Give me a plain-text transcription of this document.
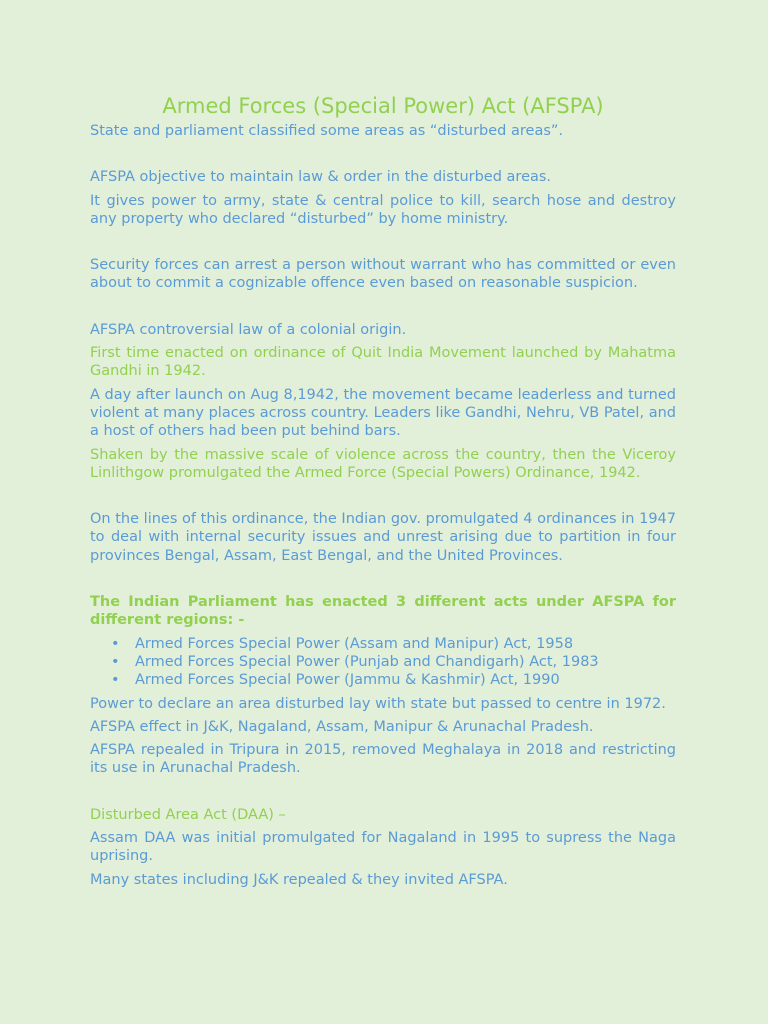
Armed Forces (Special Power) Act (AFSPA)

State and parliament classified some areas as “disturbed areas”.

AFSPA objective to maintain law & order in the disturbed areas.

It gives power to army, state & central police to kill, search hose and destroy any property who declared “disturbed” by home ministry.

Security forces can arrest a person without warrant who has committed or even about to commit a cognizable offence even based on reasonable suspicion.

AFSPA controversial law of a colonial origin.

First time enacted on ordinance of Quit India Movement launched by Mahatma Gandhi in 1942.

A day after launch on Aug 8,1942, the movement became leaderless and turned violent at many places across country. Leaders like Gandhi, Nehru, VB Patel, and a host of others had been put behind bars.

Shaken by the massive scale of violence across the country, then the Viceroy Linlithgow promulgated the Armed Force (Special Powers) Ordinance, 1942.

On the lines of this ordinance, the Indian gov. promulgated 4 ordinances in 1947 to deal with internal security issues and unrest arising due to partition in four provinces Bengal, Assam, East Bengal, and the United Provinces.

The Indian Parliament has enacted 3 different acts under AFSPA for different regions: -

• Armed Forces Special Power (Assam and Manipur) Act, 1958
• Armed Forces Special Power (Punjab and Chandigarh) Act, 1983
• Armed Forces Special Power (Jammu & Kashmir) Act, 1990

Power to declare an area disturbed lay with state but passed to centre in 1972.

AFSPA effect in J&K, Nagaland, Assam, Manipur & Arunachal Pradesh.

AFSPA repealed in Tripura in 2015, removed Meghalaya in 2018 and restricting its use in Arunachal Pradesh.

Disturbed Area Act (DAA) –

Assam DAA was initial promulgated for Nagaland in 1995 to supress the Naga uprising.

Many states including J&K repealed & they invited AFSPA.
